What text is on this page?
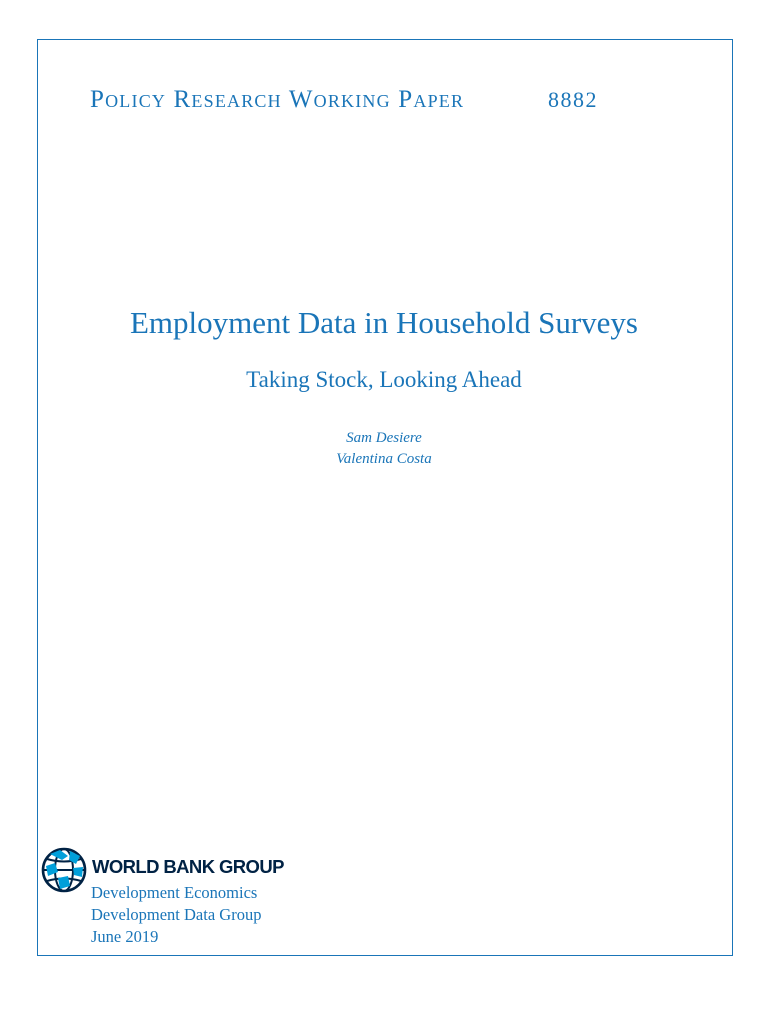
Policy Research Working Paper	8882
Employment Data in Household Surveys
Taking Stock, Looking Ahead
Sam Desiere
Valentina Costa
WORLD BANK GROUP
Development Economics
Development Data Group
June 2019
